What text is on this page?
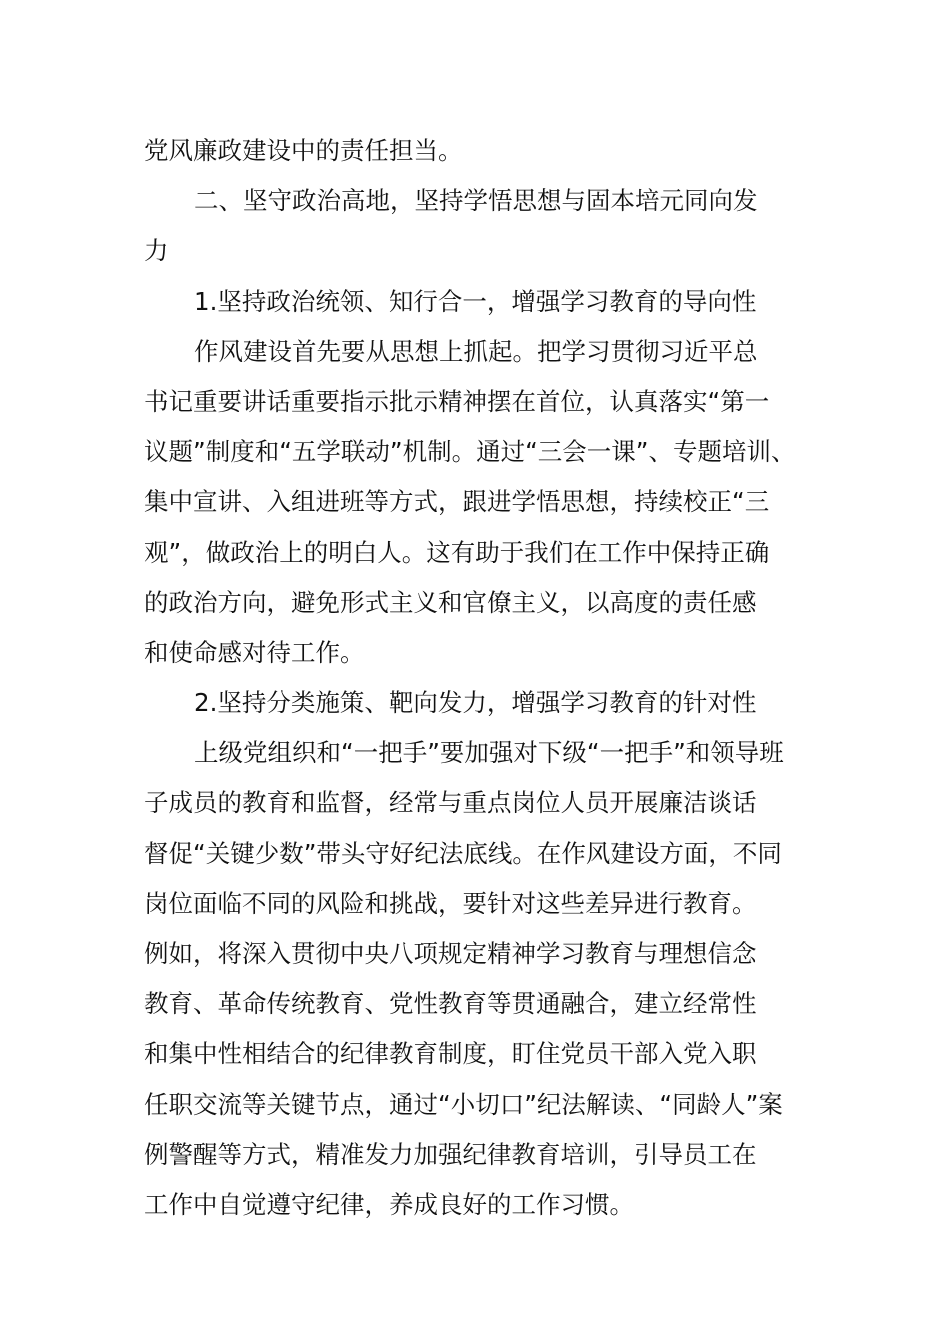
党风廉政建设中的责任担当。
二、坚守政治高地，坚持学悟思想与固本培元同向发
力
1.坚持政治统领、知行合一，增强学习教育的导向性
作风建设首先要从思想上抓起。把学习贯彻习近平总
书记重要讲话重要指示批示精神摆在首位，认真落实“第一
议题”制度和“五学联动”机制。通过“三会一课”、专题培训、
集中宣讲、入组进班等方式，跟进学悟思想，持续校正“三
观”，做政治上的明白人。这有助于我们在工作中保持正确
的政治方向，避免形式主义和官僚主义，以高度的责任感
和使命感对待工作。
2.坚持分类施策、靶向发力，增强学习教育的针对性
上级党组织和“一把手”要加强对下级“一把手”和领导班
子成员的教育和监督，经常与重点岗位人员开展廉洁谈话
督促“关键少数”带头守好纪法底线。在作风建设方面，不同
岗位面临不同的风险和挑战，要针对这些差异进行教育。
例如，将深入贯彻中央八项规定精神学习教育与理想信念
教育、革命传统教育、党性教育等贯通融合，建立经常性
和集中性相结合的纪律教育制度，盯住党员干部入党入职
任职交流等关键节点，通过“小切口”纪法解读、“同龄人”案
例警醒等方式，精准发力加强纪律教育培训，引导员工在
工作中自觉遵守纪律，养成良好的工作习惯。
